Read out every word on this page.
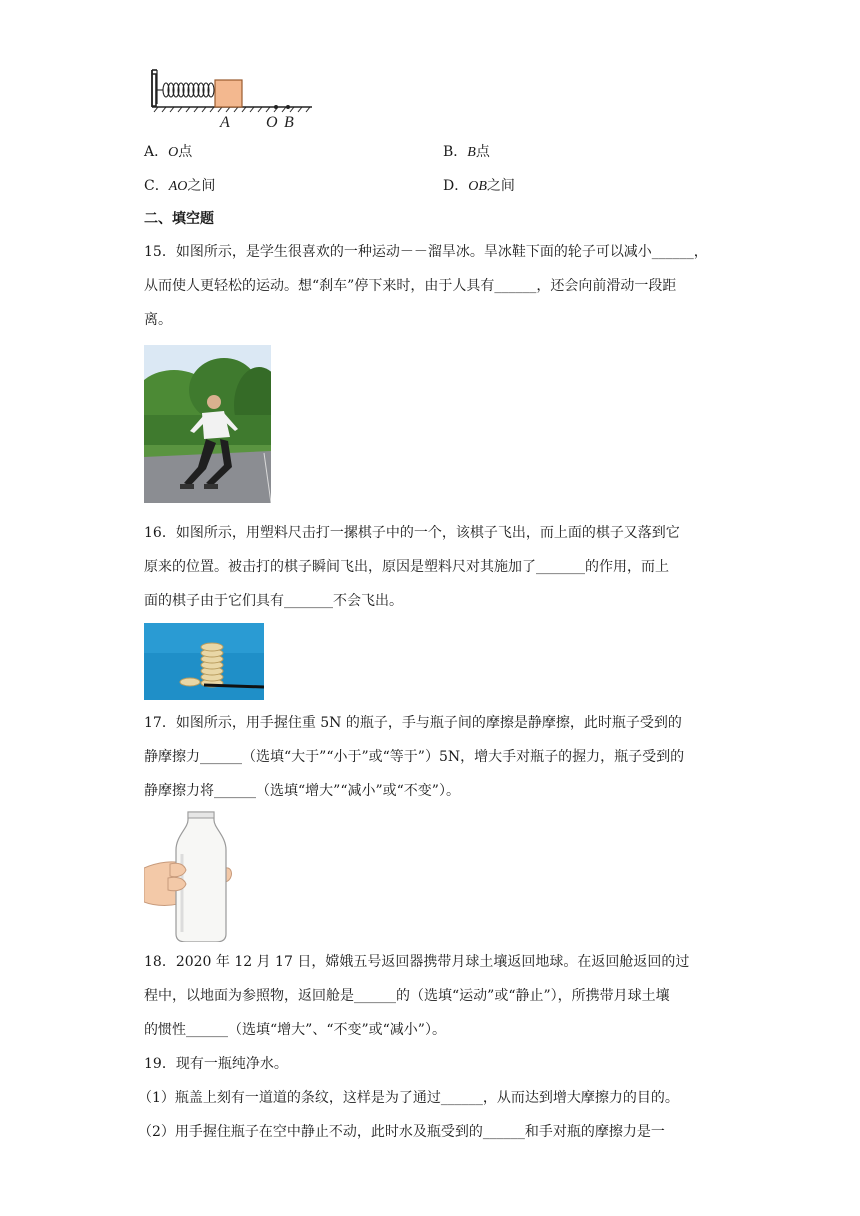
A O B
A．O点	B．B点
C．AO之间	D．OB之间
二、填空题
15．如图所示，是学生很喜欢的一种运动－－溜旱冰。旱冰鞋下面的轮子可以减小______，
从而使人更轻松的运动。想“刹车”停下来时，由于人具有______，还会向前滑动一段距
离。
16．如图所示，用塑料尺击打一摞棋子中的一个，该棋子飞出，而上面的棋子又落到它
原来的位置。被击打的棋子瞬间飞出，原因是塑料尺对其施加了_______的作用，而上
面的棋子由于它们具有_______不会飞出。
17．如图所示，用手握住重 5N 的瓶子，手与瓶子间的摩擦是静摩擦，此时瓶子受到的
静摩擦力______（选填“大于”“小于”或“等于”）5N，增大手对瓶子的握力，瓶子受到的
静摩擦力将______（选填“增大”“减小”或“不变”）。
18．2020 年 12 月 17 日，嫦娥五号返回器携带月球土壤返回地球。在返回舱返回的过
程中，以地面为参照物，返回舱是______的（选填“运动”或“静止”），所携带月球土壤
的惯性______（选填“增大”、“不变”或“减小”）。
19．现有一瓶纯净水。
（1）瓶盖上刻有一道道的条纹，这样是为了通过______，从而达到增大摩擦力的目的。
（2）用手握住瓶子在空中静止不动，此时水及瓶受到的______和手对瓶的摩擦力是一
